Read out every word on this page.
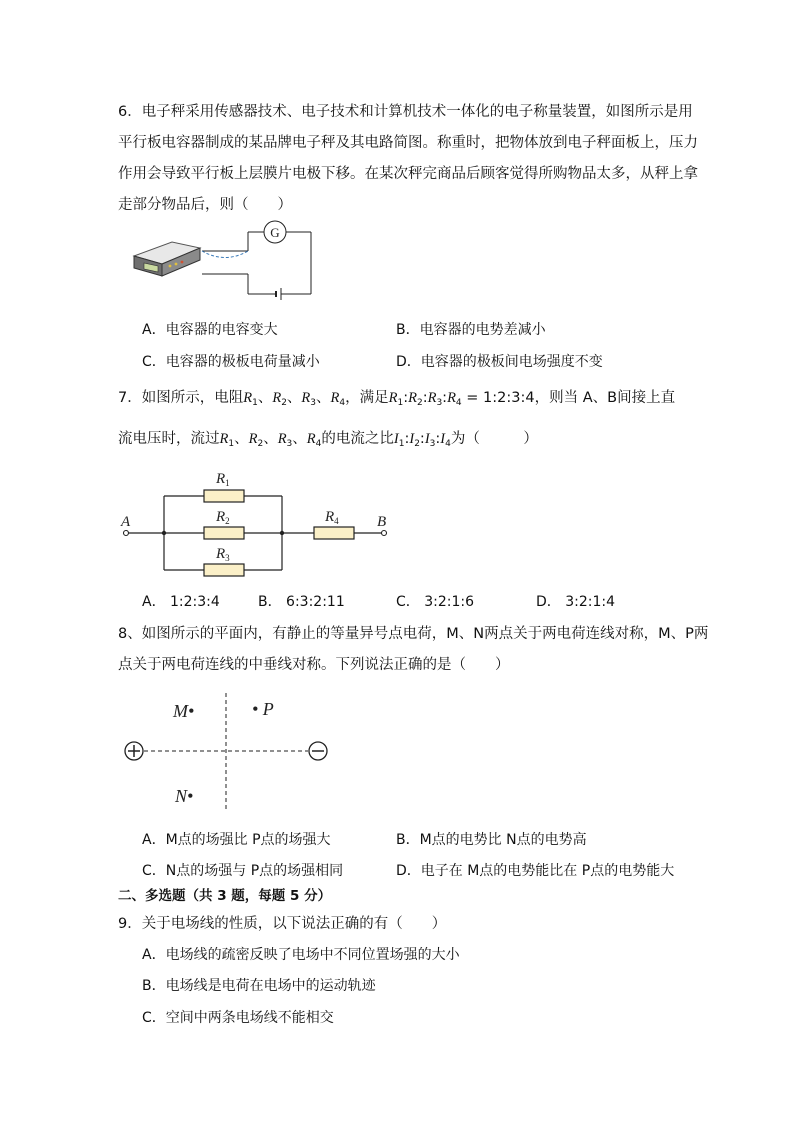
6．电子秤采用传感器技术、电子技术和计算机技术一体化的电子称量装置，如图所示是用
平行板电容器制成的某品牌电子秤及其电路简图。称重时，把物体放到电子秤面板上，压力
作用会导致平行板上层膜片电极下移。在某次秤完商品后顾客觉得所购物品太多，从秤上拿
走部分物品后，则（　　）
G
A．电容器的电容变大	B．电容器的电势差减小
C．电容器的极板电荷量减小	D．电容器的极板间电场强度不变
7．如图所示，电阻$R_1$、$R_2$、$R_3$、$R_4$，满足$R_1:R_2:R_3:R_4$ = 1:2:3:4，则当 A、B间接上直
流电压时，流过$R_1$、$R_2$、$R_3$、$R_4$的电流之比$I_1:I_2:I_3:I_4$为（　　　）
$R_1$
$R_2$
$R_3$
$R_4$
A	B
A． 1:2:3:4	B． 6:3:2:11	C． 3:2:1:6	D． 3:2:1:4
8、如图所示的平面内，有静止的等量异号点电荷，M、N两点关于两电荷连线对称，M、P两
点关于两电荷连线的中垂线对称。下列说法正确的是（　　）
M•	• P
N•
A．M点的场强比 P点的场强大	B．M点的电势比 N点的电势高
C．N点的场强与 P点的场强相同	D．电子在 M点的电势能比在 P点的电势能大
二、多选题（共 3 题，每题 5 分）
9．关于电场线的性质，以下说法正确的有（　　）
A．电场线的疏密反映了电场中不同位置场强的大小
B．电场线是电荷在电场中的运动轨迹
C．空间中两条电场线不能相交
